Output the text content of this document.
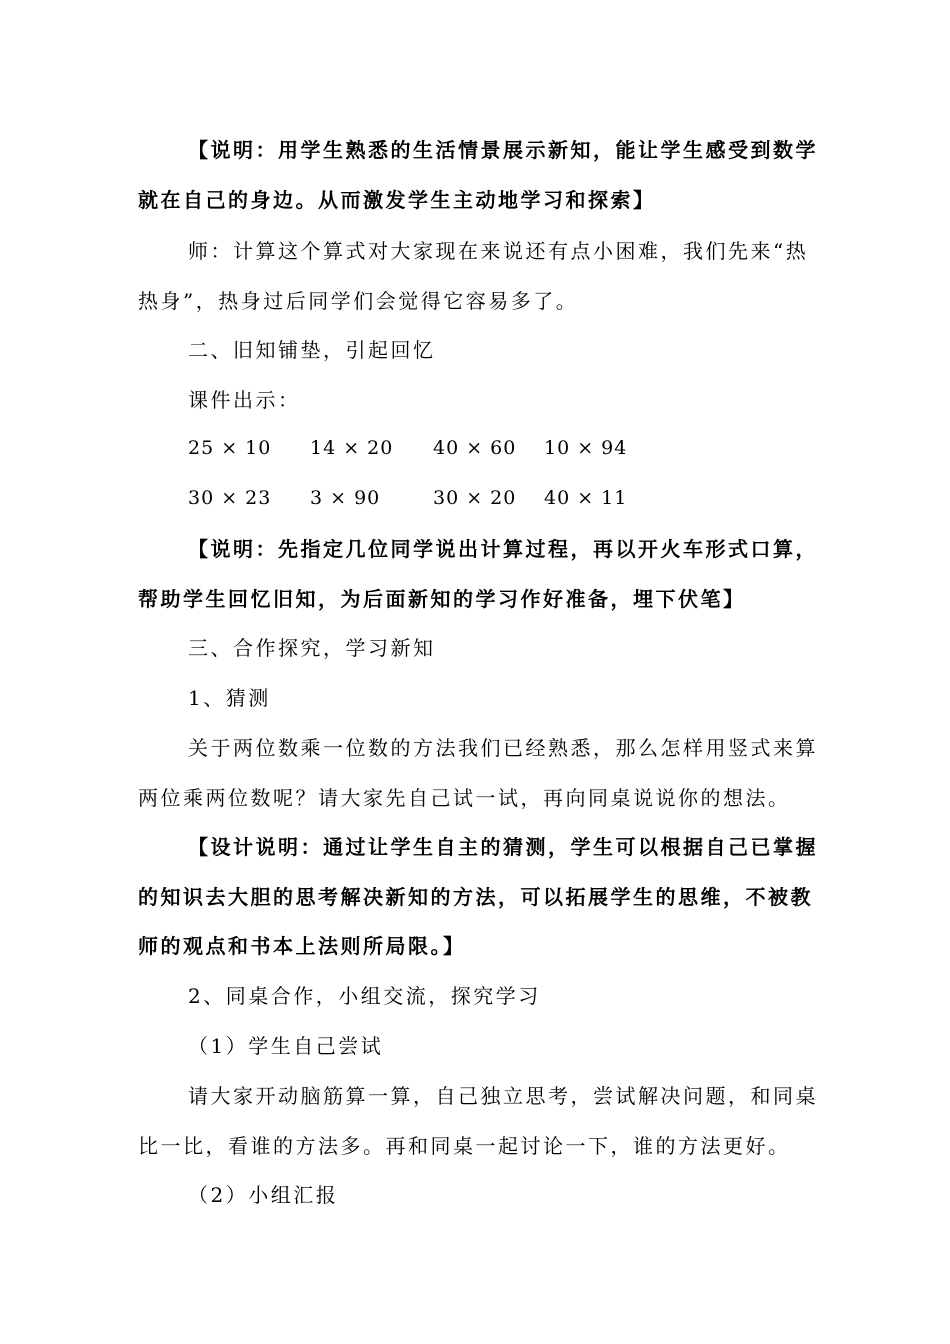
【说明：用学生熟悉的生活情景展示新知，能让学生感受到数学
就在自己的身边。从而激发学生主动地学习和探索】
师：计算这个算式对大家现在来说还有点小困难，我们先来“热
热身”，热身过后同学们会觉得它容易多了。
二、旧知铺垫，引起回忆
课件出示：
25 × 10 14 × 20 40 × 60 10 × 94
30 × 23 3 × 90	30 × 20 40 × 11
【说明：先指定几位同学说出计算过程，再以开火车形式口算，
帮助学生回忆旧知，为后面新知的学习作好准备，埋下伏笔】
三、合作探究，学习新知
1、猜测
关于两位数乘一位数的方法我们已经熟悉，那么怎样用竖式来算
两位乘两位数呢？请大家先自己试一试，再向同桌说说你的想法。
【设计说明：通过让学生自主的猜测，学生可以根据自己已掌握
的知识去大胆的思考解决新知的方法，可以拓展学生的思维，不被教
师的观点和书本上法则所局限。】
2、同桌合作，小组交流，探究学习
（1）学生自己尝试
请大家开动脑筋算一算，自己独立思考，尝试解决问题，和同桌
比一比，看谁的方法多。再和同桌一起讨论一下，谁的方法更好。
（2）小组汇报
